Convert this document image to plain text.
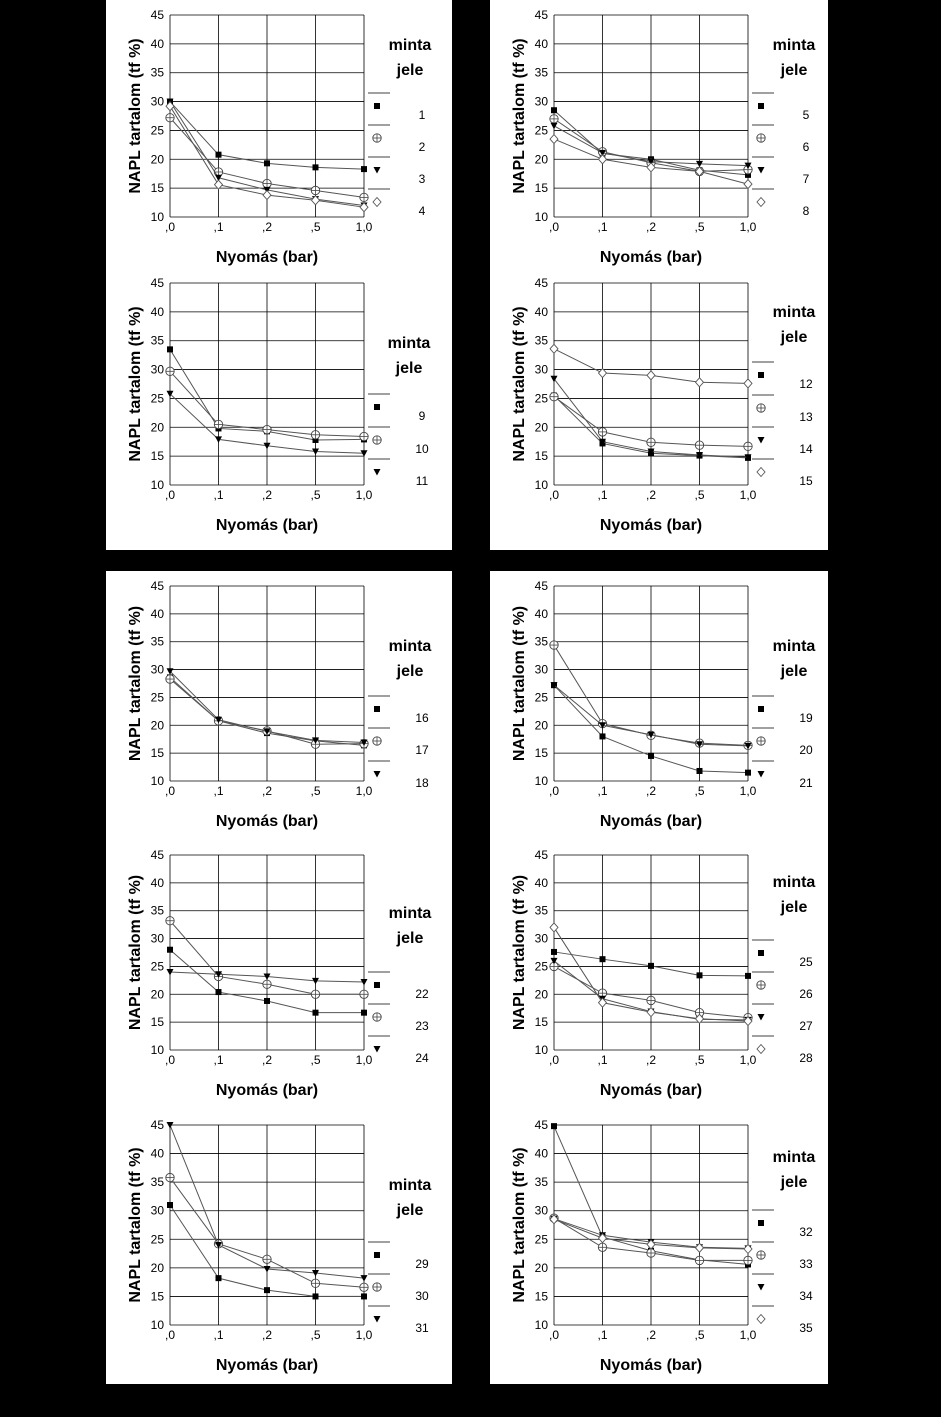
10
15
20
25
30
35
40
45
,0	,1	,2	,5	1,0
NAPL tartalom (tf %)
Nyomás (bar)
minta
jele
1
2
3
4	10
15
20
25
30
35
40
45
,0	,1	,2	,5	1,0
NAPL tartalom (tf %)
Nyomás (bar)
minta
jele
5
6
7
8
10
15
20
25
30
35
40
45
,0	,1	,2	,5	1,0
NAPL tartalom (tf %)
Nyomás (bar)
minta
jele
9
10
11	10
15
20
25
30
35
40
45
,0	,1	,2	,5	1,0
NAPL tartalom (tf %)
Nyomás (bar)
minta
jele
12
13
14
15
10
15
20
25
30
35
40
45
,0	,1	,2	,5	1,0
NAPL tartalom (tf %)
Nyomás (bar)
minta
jele
16
17
18	10
15
20
25
30
35
40
45
,0	,1	,2	,5	1,0
NAPL tartalom (tf %)
Nyomás (bar)
minta
jele
19
20
21
10
15
20
25
30
35
40
45
,0	,1	,2	,5	1,0
NAPL tartalom (tf %)
Nyomás (bar)
minta
jele
22
23
24
10
15
20
25
30
35
40
45
,0	,1	,2	,5	1,0
NAPL tartalom (tf %)
Nyomás (bar)
minta
jele
25
26
27
28
10
15
20
25
30
35
40
45
,0	,1	,2	,5	1,0
NAPL tartalom (tf %)
Nyomás (bar)
minta
jele
29
30
31	10
15
20
25
30
35
40
45
,0	,1	,2	,5	1,0
NAPL tartalom (tf %)
Nyomás (bar)
minta
jele
32
33
34
35
